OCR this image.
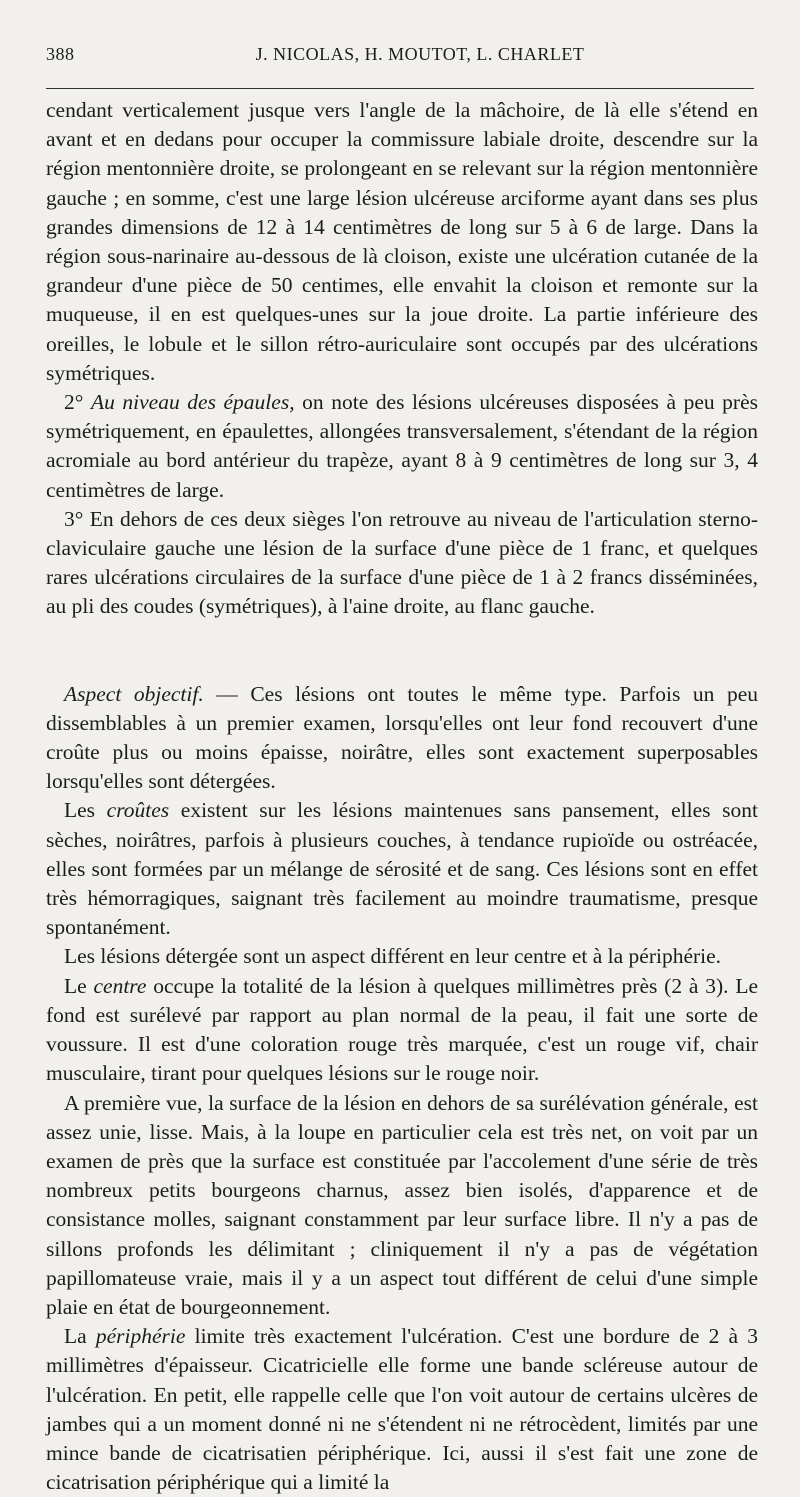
388	J. NICOLAS, H. MOUTOT, L. CHARLET

cendant verticalement jusque vers l'angle de la mâchoire, de là elle s'étend en avant et en dedans pour occuper la commissure labiale droite, descendre sur la région mentonnière droite, se prolongeant en se relevant sur la région mentonnière gauche ; en somme, c'est une large lésion ulcéreuse arciforme ayant dans ses plus grandes dimensions de 12 à 14 centimètres de long sur 5 à 6 de large. Dans la région sous-narinaire au-dessous de là cloison, existe une ulcération cutanée de la grandeur d'une pièce de 50 centimes, elle envahit la cloison et remonte sur la muqueuse, il en est quelques-unes sur la joue droite. La partie inférieure des oreilles, le lobule et le sillon rétro-auriculaire sont occupés par des ulcérations symétriques.

2° Au niveau des épaules, on note des lésions ulcéreuses disposées à peu près symétriquement, en épaulettes, allongées transversalement, s'étendant de la région acromiale au bord antérieur du trapèze, ayant 8 à 9 centimètres de long sur 3, 4 centimètres de large.

3° En dehors de ces deux sièges l'on retrouve au niveau de l'articulation sterno-claviculaire gauche une lésion de la surface d'une pièce de 1 franc, et quelques rares ulcérations circulaires de la surface d'une pièce de 1 à 2 francs disséminées, au pli des coudes (symétriques), à l'aine droite, au flanc gauche.

Aspect objectif. — Ces lésions ont toutes le même type. Parfois un peu dissemblables à un premier examen, lorsqu'elles ont leur fond recouvert d'une croûte plus ou moins épaisse, noirâtre, elles sont exactement superposables lorsqu'elles sont détergées.

Les croûtes existent sur les lésions maintenues sans pansement, elles sont sèches, noirâtres, parfois à plusieurs couches, à tendance rupioïde ou ostréacée, elles sont formées par un mélange de sérosité et de sang. Ces lésions sont en effet très hémorragiques, saignant très facilement au moindre traumatisme, presque spontanément.

Les lésions détergée sont un aspect différent en leur centre et à la périphérie.

Le centre occupe la totalité de la lésion à quelques millimètres près (2 à 3). Le fond est surélevé par rapport au plan normal de la peau, il fait une sorte de voussure. Il est d'une coloration rouge très marquée, c'est un rouge vif, chair musculaire, tirant pour quelques lésions sur le rouge noir.

A première vue, la surface de la lésion en dehors de sa surélévation générale, est assez unie, lisse. Mais, à la loupe en particulier cela est très net, on voit par un examen de près que la surface est constituée par l'accolement d'une série de très nombreux petits bourgeons charnus, assez bien isolés, d'apparence et de consistance molles, saignant constamment par leur surface libre. Il n'y a pas de sillons profonds les délimitant ; cliniquement il n'y a pas de végétation papillomateuse vraie, mais il y a un aspect tout différent de celui d'une simple plaie en état de bourgeonnement.

La périphérie limite très exactement l'ulcération. C'est une bordure de 2 à 3 millimètres d'épaisseur. Cicatricielle elle forme une bande scléreuse autour de l'ulcération. En petit, elle rappelle celle que l'on voit autour de certains ulcères de jambes qui a un moment donné ni ne s'étendent ni ne rétrocèdent, limités par une mince bande de cicatrisatien périphérique. Ici, aussi il s'est fait une zone de cicatrisation périphérique qui a limité la
